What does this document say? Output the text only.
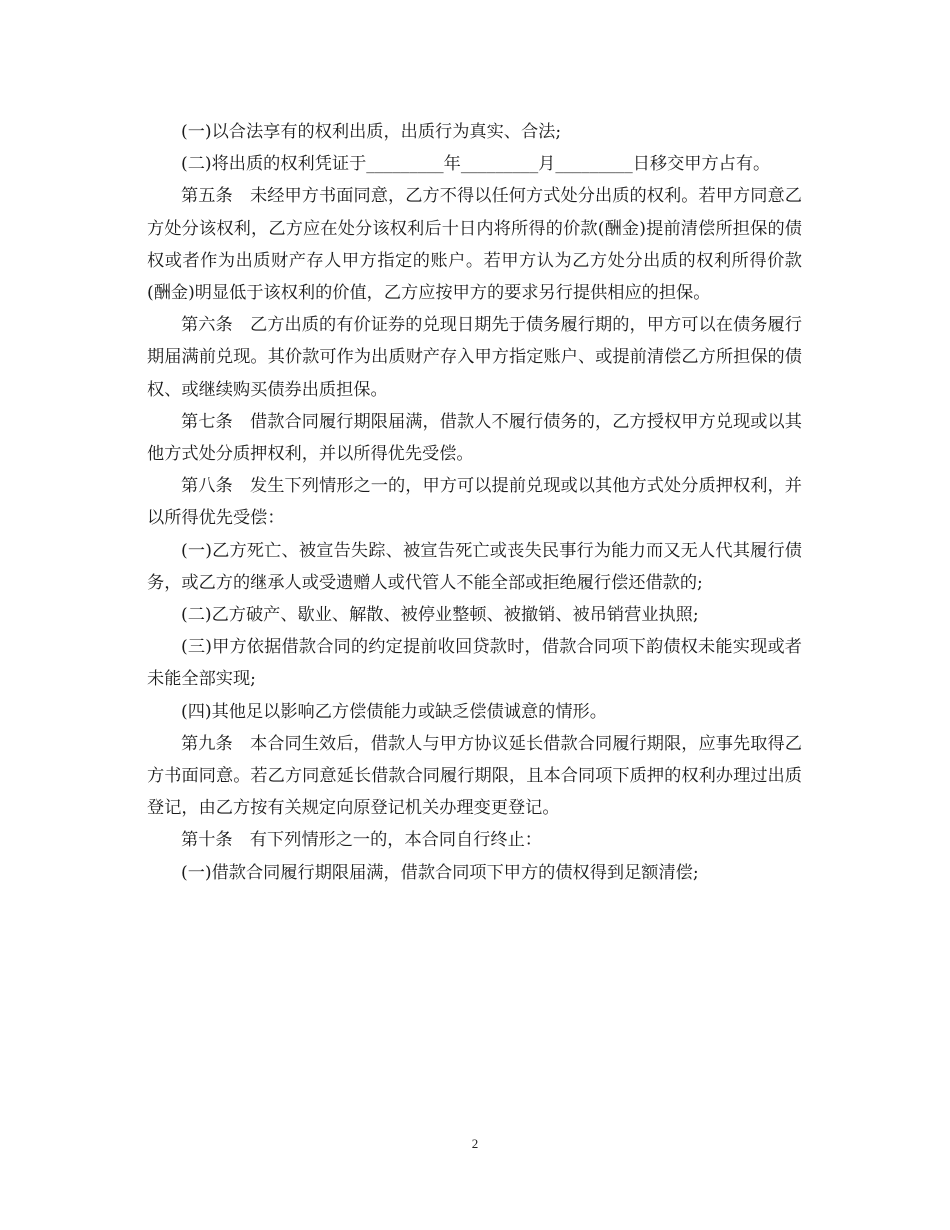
(一)以合法享有的权利出质，出质行为真实、合法;

(二)将出质的权利凭证于_________年_________月_________日移交甲方占有。

第五条　未经甲方书面同意，乙方不得以任何方式处分出质的权利。若甲方同意乙方处分该权利，乙方应在处分该权利后十日内将所得的价款(酬金)提前清偿所担保的债权或者作为出质财产存人甲方指定的账户。若甲方认为乙方处分出质的权利所得价款(酬金)明显低于该权利的价值，乙方应按甲方的要求另行提供相应的担保。

第六条　乙方出质的有价证券的兑现日期先于债务履行期的，甲方可以在债务履行期届满前兑现。其价款可作为出质财产存入甲方指定账户、或提前清偿乙方所担保的债权、或继续购买债券出质担保。

第七条　借款合同履行期限届满，借款人不履行债务的，乙方授权甲方兑现或以其他方式处分质押权利，并以所得优先受偿。

第八条　发生下列情形之一的，甲方可以提前兑现或以其他方式处分质押权利，并以所得优先受偿：

(一)乙方死亡、被宣告失踪、被宣告死亡或丧失民事行为能力而又无人代其履行债务，或乙方的继承人或受遗赠人或代管人不能全部或拒绝履行偿还借款的;

(二)乙方破产、歇业、解散、被停业整顿、被撤销、被吊销营业执照;

(三)甲方依据借款合同的约定提前收回贷款时，借款合同项下韵债权未能实现或者未能全部实现;

(四)其他足以影响乙方偿债能力或缺乏偿债诚意的情形。

第九条　本合同生效后，借款人与甲方协议延长借款合同履行期限，应事先取得乙方书面同意。若乙方同意延长借款合同履行期限，且本合同项下质押的权利办理过出质登记，由乙方按有关规定向原登记机关办理变更登记。

第十条　有下列情形之一的，本合同自行终止：

(一)借款合同履行期限届满，借款合同项下甲方的债权得到足额清偿;

2
